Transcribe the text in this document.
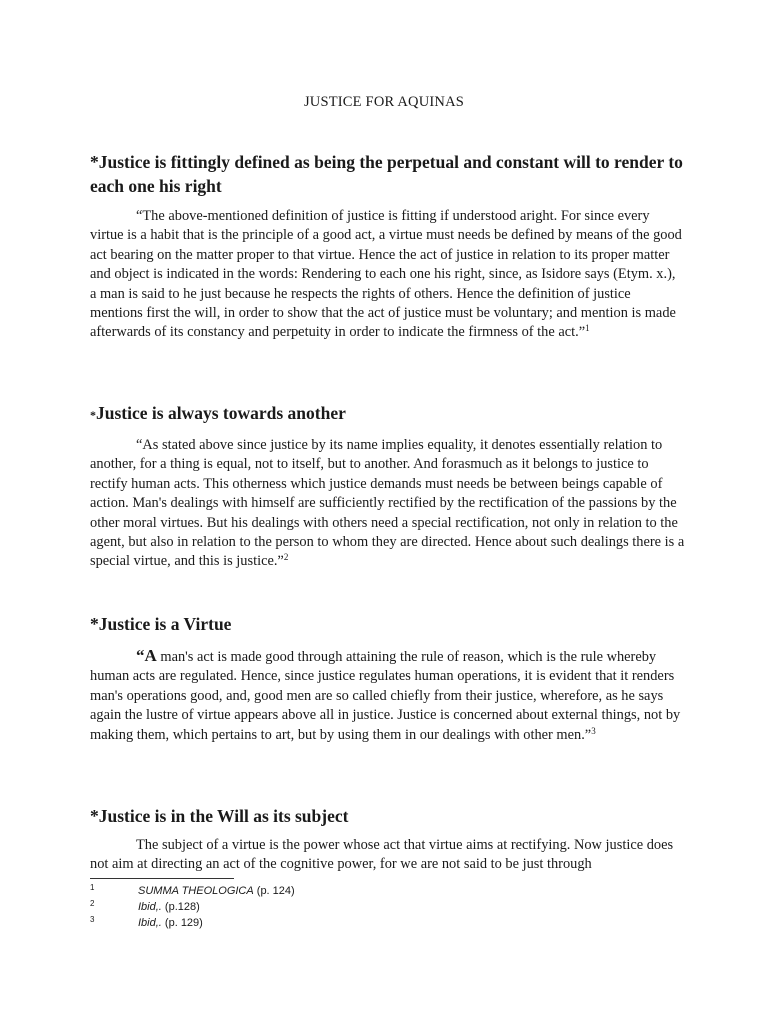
JUSTICE FOR AQUINAS
*Justice is fittingly defined as being the perpetual and constant will to render to each one his right

“The above-mentioned definition of justice is fitting if understood aright. For since every virtue is a habit that is the principle of a good act, a virtue must needs be defined by means of the good act bearing on the matter proper to that virtue. Hence the act of justice in relation to its proper matter and object is indicated in the words: Rendering to each one his right, since, as Isidore says (Etym. x.), a man is said to he just because he respects the rights of others. Hence the definition of justice mentions first the will, in order to show that the act of justice must be voluntary; and mention is made afterwards of its constancy and perpetuity in order to indicate the firmness of the act.”$^1$

*Justice is always towards another

“As stated above since justice by its name implies equality, it denotes essentially relation to another, for a thing is equal, not to itself, but to another. And forasmuch as it belongs to justice to rectify human acts. This otherness which justice demands must needs be between beings capable of action. Man's dealings with himself are sufficiently rectified by the rectification of the passions by the other moral virtues. But his dealings with others need a special rectification, not only in relation to the agent, but also in relation to the person to whom they are directed. Hence about such dealings there is a special virtue, and this is justice.”$^2$

*Justice is a Virtue

“A man's act is made good through attaining the rule of reason, which is the rule whereby human acts are regulated. Hence, since justice regulates human operations, it is evident that it renders man's operations good, and, good men are so called chiefly from their justice, wherefore, as he says again the lustre of virtue appears above all in justice. Justice is concerned about external things, not by making them, which pertains to art, but by using them in our dealings with other men.”$^3$

*Justice is in the Will as its subject

The subject of a virtue is the power whose act that virtue aims at rectifying. Now justice does not aim at directing an act of the cognitive power, for we are not said to be just through

1	SUMMA THEOLOGICA (p. 124)
2	Ibid,. (p.128)
3	Ibid,. (p. 129)
